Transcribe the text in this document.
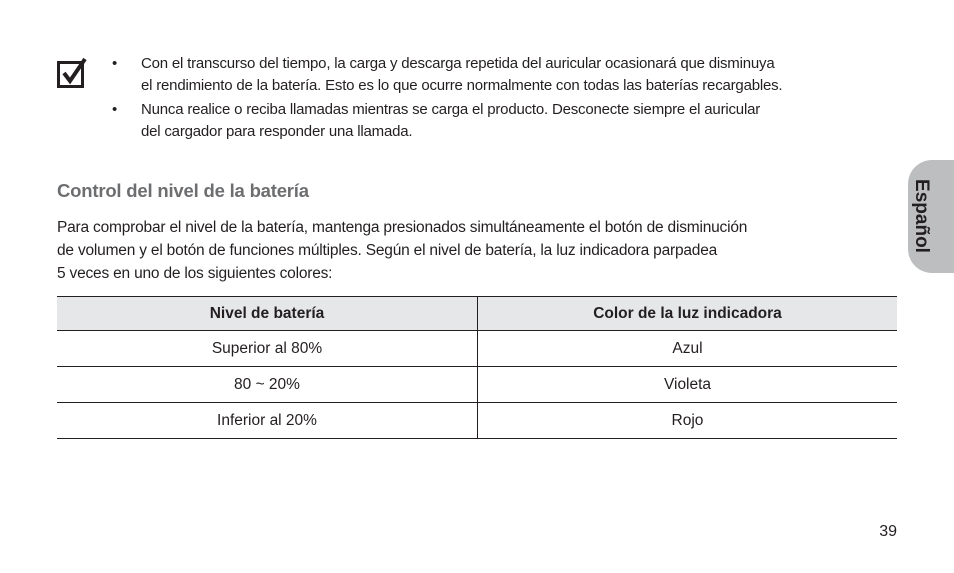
• Con el transcurso del tiempo, la carga y descarga repetida del auricular ocasionará que disminuya
el rendimiento de la batería. Esto es lo que ocurre normalmente con todas las baterías recargables.
• Nunca realice o reciba llamadas mientras se carga el producto. Desconecte siempre el auricular
del cargador para responder una llamada.
Control del nivel de la batería

Para comprobar el nivel de la batería, mantenga presionados simultáneamente el botón de disminución
de volumen y el botón de funciones múltiples. Según el nivel de batería, la luz indicadora parpadea
5 veces en uno de los siguientes colores:

Nivel de batería	Color de la luz indicadora
Superior al 80%	Azul
80 ~ 20%	Violeta
Inferior al 20%	Rojo
Español
39
